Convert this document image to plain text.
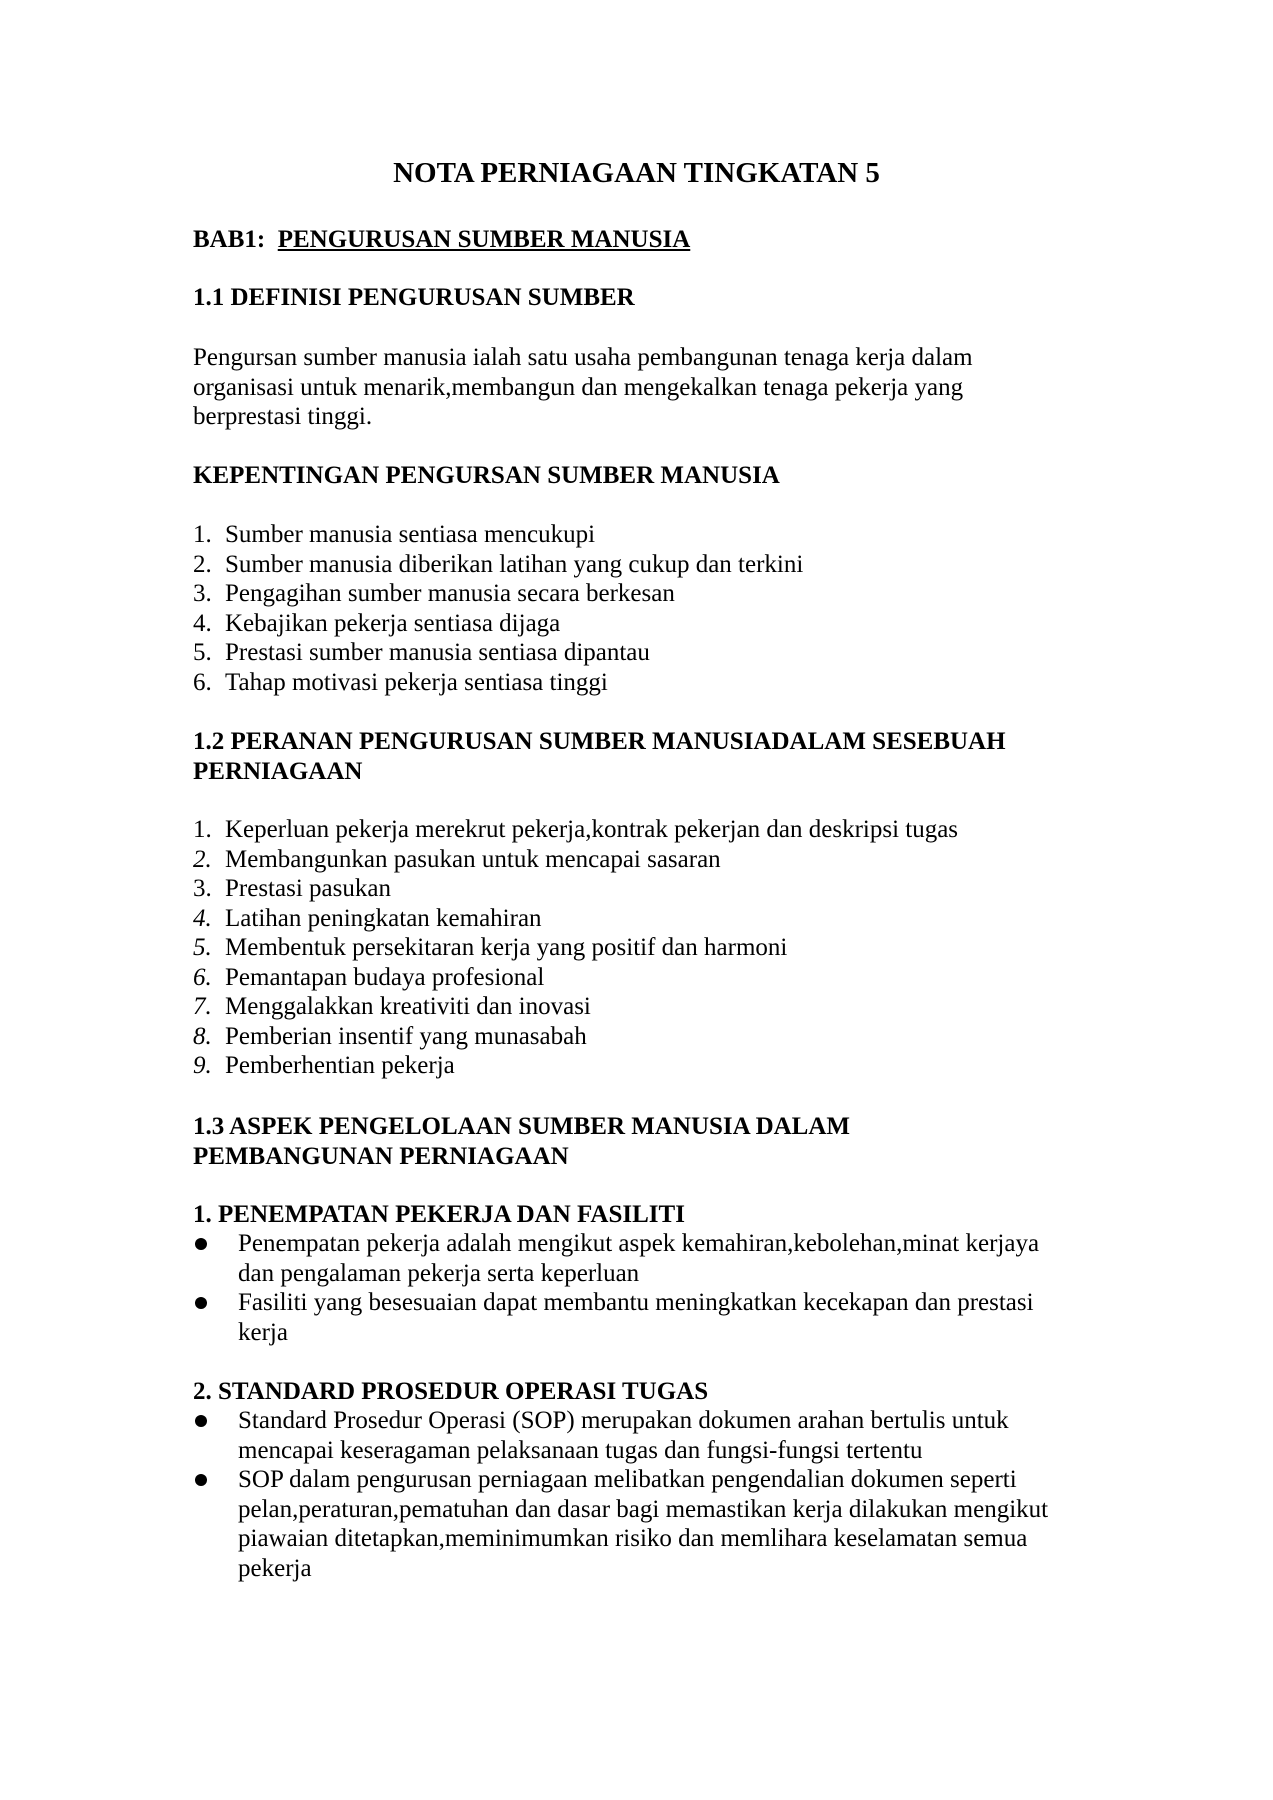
NOTA PERNIAGAAN TINGKATAN 5
BAB1: PENGURUSAN SUMBER MANUSIA
1.1 DEFINISI PENGURUSAN SUMBER

Pengursan sumber manusia ialah satu usaha pembangunan tenaga kerja dalam

organisasi untuk menarik,membangun dan mengekalkan tenaga pekerja yang

berprestasi tinggi.

KEPENTINGAN PENGURSAN SUMBER MANUSIA
1. Sumber manusia sentiasa mencukupi
2. Sumber manusia diberikan latihan yang cukup dan terkini
3. Pengagihan sumber manusia secara berkesan
4. Kebajikan pekerja sentiasa dijaga
5. Prestasi sumber manusia sentiasa dipantau
6. Tahap motivasi pekerja sentiasa tinggi

1.2 PERANAN PENGURUSAN SUMBER MANUSIADALAM SESEBUAH

PERNIAGAAN

1. Keperluan pekerja merekrut pekerja,kontrak pekerjan dan deskripsi tugas
2. Membangunkan pasukan untuk mencapai sasaran
3. Prestasi pasukan
4. Latihan peningkatan kemahiran
5. Membentuk persekitaran kerja yang positif dan harmoni
6. Pemantapan budaya profesional
7. Menggalakkan kreativiti dan inovasi
8. Pemberian insentif yang munasabah
9. Pemberhentian pekerja

1.3 ASPEK PENGELOLAAN SUMBER MANUSIA DALAM

PEMBANGUNAN PERNIAGAAN

1. PENEMPATAN PEKERJA DAN FASILITI

Penempatan pekerja adalah mengikut aspek kemahiran,kebolehan,minat kerjaya

dan pengalaman pekerja serta keperluan

Fasiliti yang besesuaian dapat membantu meningkatkan kecekapan dan prestasi

kerja

2. STANDARD PROSEDUR OPERASI TUGAS

Standard Prosedur Operasi (SOP) merupakan dokumen arahan bertulis untuk

mencapai keseragaman pelaksanaan tugas dan fungsi-fungsi tertentu

SOP dalam pengurusan perniagaan melibatkan pengendalian dokumen seperti

pelan,peraturan,pematuhan dan dasar bagi memastikan kerja dilakukan mengikut

piawaian ditetapkan,meminimumkan risiko dan memlihara keselamatan semua

pekerja
